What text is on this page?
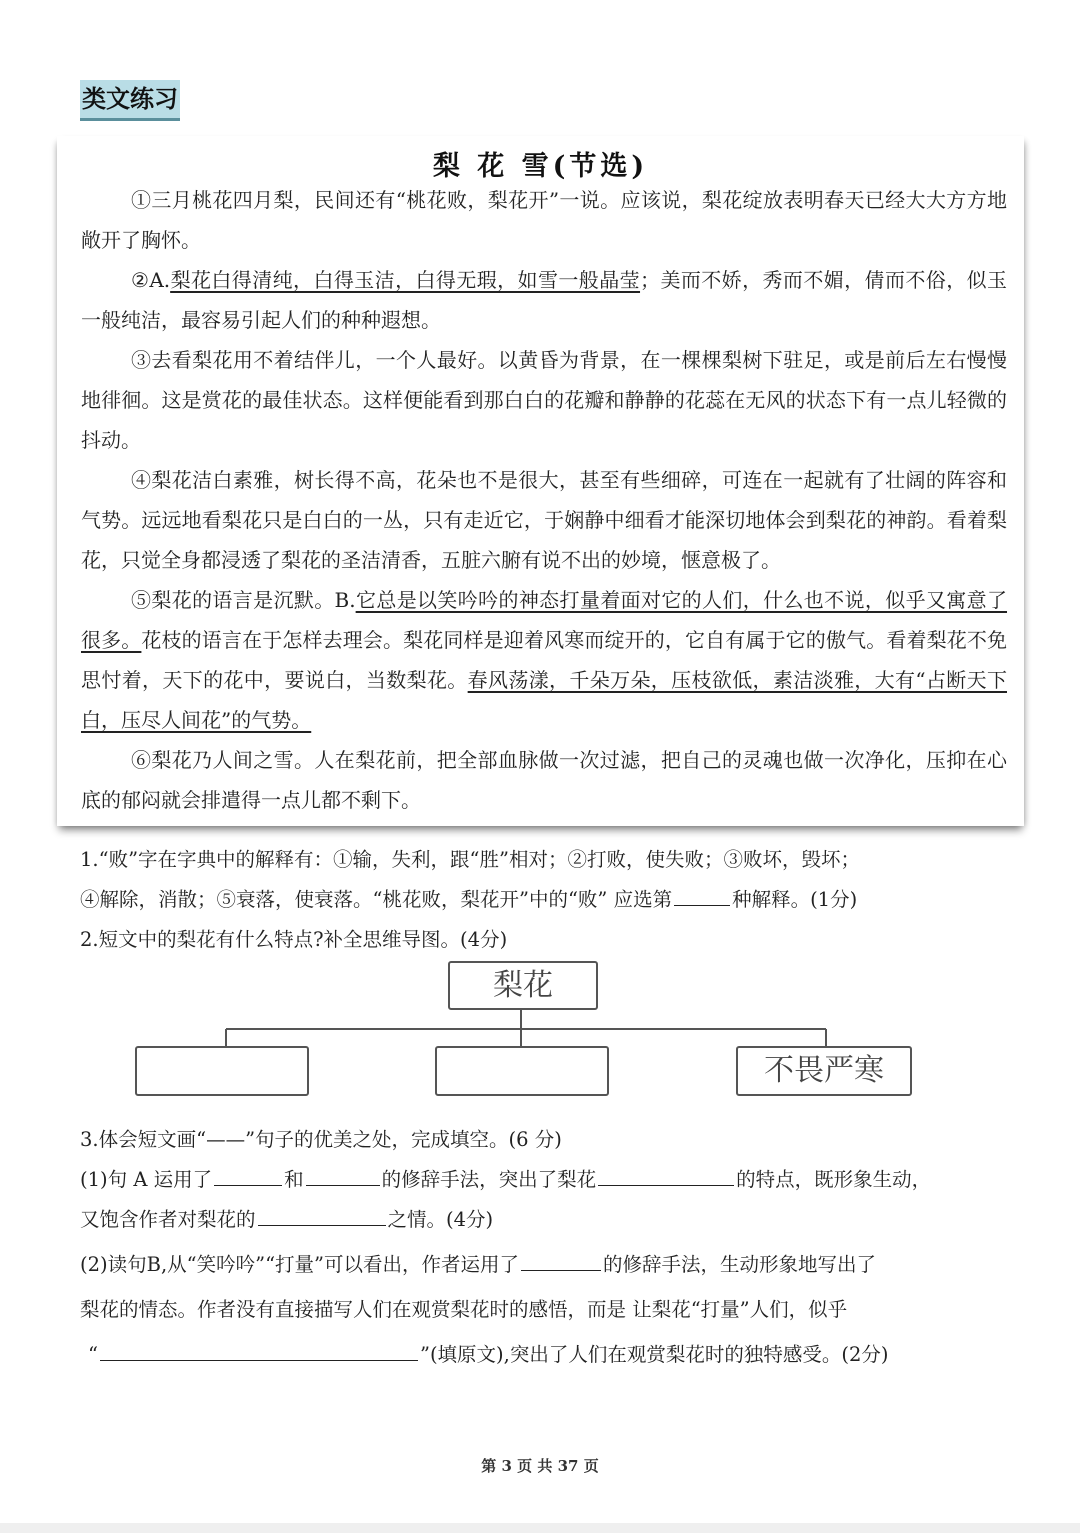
类文练习
梨 花 雪(节选)

①三月桃花四月梨，民间还有“桃花败，梨花开”一说。应该说，梨花绽放表明春天已经大大方方地敞开了胸怀。

②A.梨花白得清纯，白得玉洁，白得无瑕，如雪一般晶莹；美而不娇，秀而不媚，倩而不俗，似玉一般纯洁，最容易引起人们的种种遐想。

③去看梨花用不着结伴儿，一个人最好。以黄昏为背景，在一棵棵梨树下驻足，或是前后左右慢慢地徘徊。这是赏花的最佳状态。这样便能看到那白白的花瓣和静静的花蕊在无风的状态下有一点儿轻微的抖动。

④梨花洁白素雅，树长得不高，花朵也不是很大，甚至有些细碎，可连在一起就有了壮阔的阵容和气势。远远地看梨花只是白白的一丛，只有走近它，于娴静中细看才能深切地体会到梨花的神韵。看着梨花，只觉全身都浸透了梨花的圣洁清香，五脏六腑有说不出的妙境，惬意极了。

⑤梨花的语言是沉默。B.它总是以笑吟吟的神态打量着面对它的人们，什么也不说，似乎又寓意了很多。花枝的语言在于怎样去理会。梨花同样是迎着风寒而绽开的，它自有属于它的傲气。看着梨花不免思忖着，天下的花中，要说白，当数梨花。春风荡漾，千朵万朵，压枝欲低，素洁淡雅，大有“占断天下白，压尽人间花”的气势。

⑥梨花乃人间之雪。人在梨花前，把全部血脉做一次过滤，把自己的灵魂也做一次净化，压抑在心底的郁闷就会排遣得一点儿都不剩下。

1.“败”字在字典中的解释有：①输，失利，跟“胜”相对；②打败，使失败；③败坏，毁坏；

④解除，消散；⑤衰落，使衰落。“桃花败，梨花开”中的“败” 应选第	种解释。(1分)

2.短文中的梨花有什么特点?补全思维导图。(4分)

梨花
不畏严寒

3.体会短文画“——”句子的优美之处，完成填空。(6 分)

(1)句 A 运用了	和	的修辞手法，突出了梨花	的特点，既形象生动，

又饱含作者对梨花的	之情。(4分)

(2)读句B,从“笑吟吟”“打量”可以看出，作者运用了	的修辞手法，生动形象地写出了

梨花的情态。作者没有直接描写人们在观赏梨花时的感悟，而是 让梨花“打量”人们，似乎

“	”(填原文),突出了人们在观赏梨花时的独特感受。(2分)

第 3 页 共 37 页
